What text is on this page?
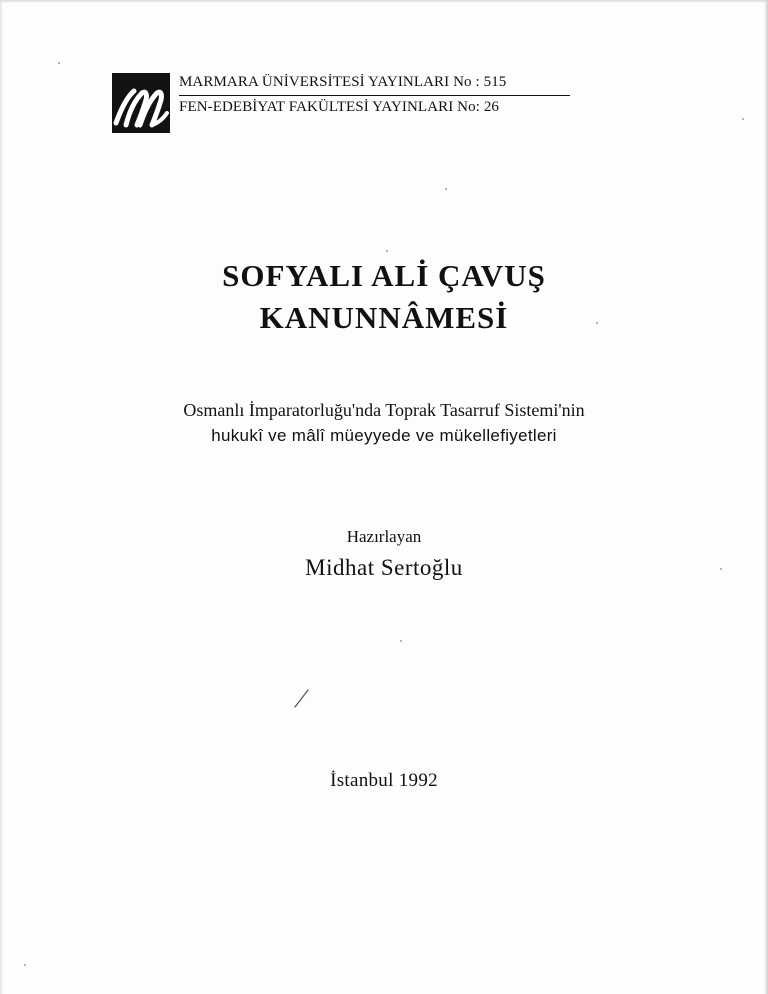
MARMARA ÜNİVERSİTESİ YAYINLARI No : 515
FEN-EDEBİYAT FAKÜLTESİ YAYINLARI No: 26
SOFYALI ALİ ÇAVUŞ
KANUNNÂMESİ
Osmanlı İmparatorluğu'nda Toprak Tasarruf Sistemi'nin
hukukî ve mâlî müeyyede ve mükellefiyetleri
Hazırlayan
Midhat Sertoğlu
İstanbul 1992
